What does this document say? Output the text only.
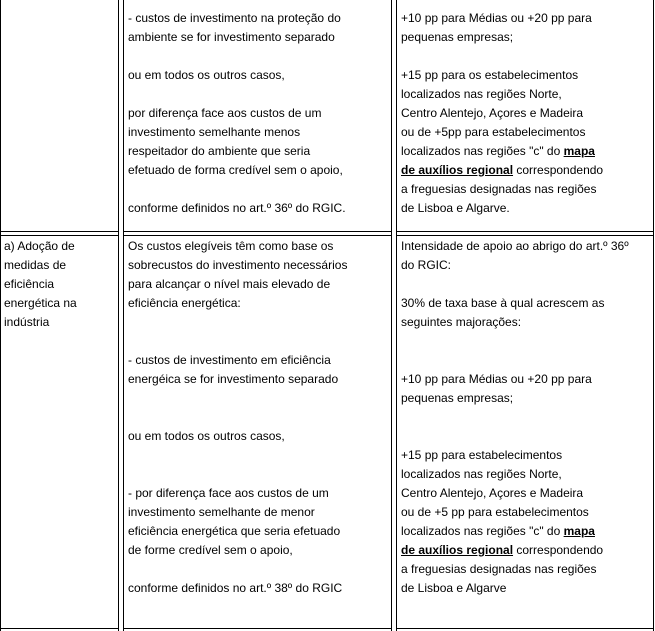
- custos de investimento na proteção do

ambiente se for investimento separado

ou em todos os outros casos,

por diferença face aos custos de um

investimento semelhante menos

respeitador do ambiente que seria

efetuado de forma credível sem o apoio,

conforme definidos no art.º 36º do RGIC.

+10 pp para Médias ou +20 pp para

pequenas empresas;

+15 pp para os estabelecimentos

localizados nas regiões Norte,

Centro Alentejo, Açores e Madeira

ou de +5pp para estabelecimentos

localizados nas regiões "c" do mapa

de auxílios regional correspondendo

a freguesias designadas nas regiões

de Lisboa e Algarve.

a) Adoção de

medidas de

eficiência

energética na

indústria

Os custos elegíveis têm como base os

sobrecustos do investimento necessários

para alcançar o nível mais elevado de

eficiência energética:

- custos de investimento em eficiência

energéica se for investimento separado

ou em todos os outros casos,

- por diferença face aos custos de um

investimento semelhante de menor

eficiência energética que seria efetuado

de forme credível sem o apoio,

conforme definidos no art.º 38º do RGIC

Intensidade de apoio ao abrigo do art.º 36º

do RGIC:

30% de taxa base à qual acrescem as

seguintes majorações:

+10 pp para Médias ou +20 pp para

pequenas empresas;

+15 pp para estabelecimentos

localizados nas regiões Norte,

Centro Alentejo, Açores e Madeira

ou de +5 pp para estabelecimentos

localizados nas regiões "c" do mapa

de auxílios regional correspondendo

a freguesias designadas nas regiões

de Lisboa e Algarve
